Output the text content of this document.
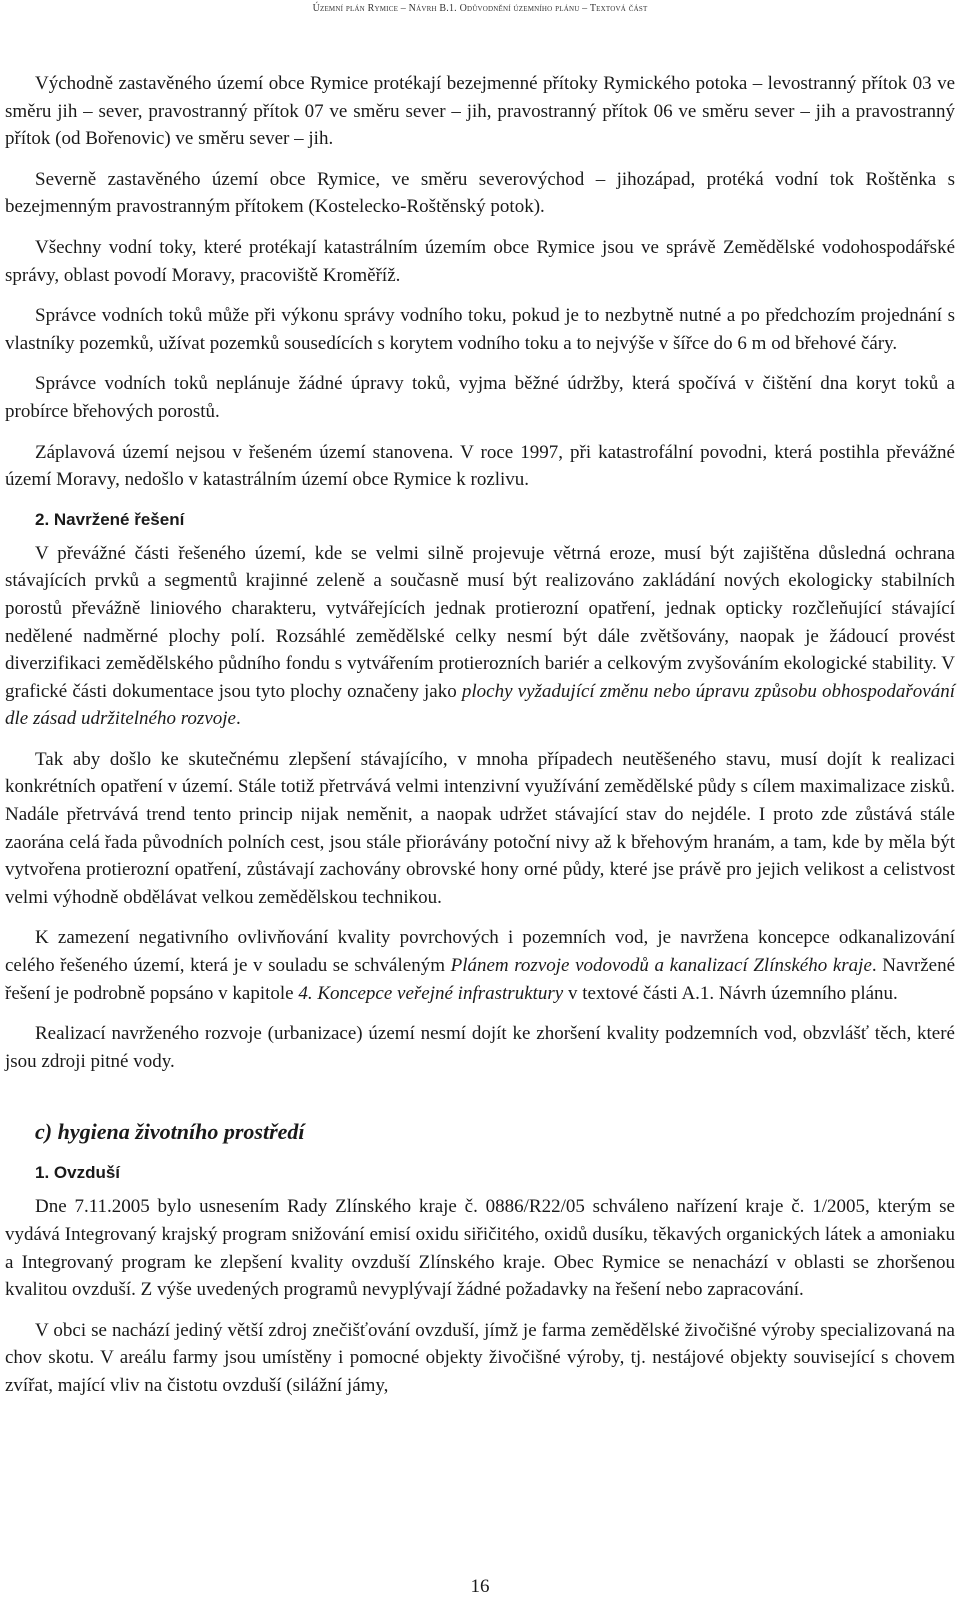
Územní plán Rymice – Návrh B.1. Odůvodnění územního plánu – Textová část

Východně zastavěného území obce Rymice protékají bezejmenné přítoky Rymického potoka – levostranný přítok 03 ve směru jih – sever, pravostranný přítok 07 ve směru sever – jih, pravostranný přítok 06 ve směru sever – jih a pravostranný přítok (od Bořenovic) ve směru sever – jih.

Severně zastavěného území obce Rymice, ve směru severovýchod – jihozápad, protéká vodní tok Roštěnka s bezejmenným pravostranným přítokem (Kostelecko-Roštěnský potok).

Všechny vodní toky, které protékají katastrálním územím obce Rymice jsou ve správě Zemědělské vodohospodářské správy, oblast povodí Moravy, pracoviště Kroměříž.

Správce vodních toků může při výkonu správy vodního toku, pokud je to nezbytně nutné a po předchozím projednání s vlastníky pozemků, užívat pozemků sousedících s korytem vodního toku a to nejvýše v šířce do 6 m od břehové čáry.

Správce vodních toků neplánuje žádné úpravy toků, vyjma běžné údržby, která spočívá v čištění dna koryt toků a probírce břehových porostů.

Záplavová území nejsou v řešeném území stanovena. V roce 1997, při katastrofální povodni, která postihla převážné území Moravy, nedošlo v katastrálním území obce Rymice k rozlivu.

2. Navržené řešení

V převážné části řešeného území, kde se velmi silně projevuje větrná eroze, musí být zajištěna důsledná ochrana stávajících prvků a segmentů krajinné zeleně a současně musí být realizováno zakládání nových ekologicky stabilních porostů převážně liniového charakteru, vytvářejících jednak protierozní opatření, jednak opticky rozčleňující stávající nedělené nadměrné plochy polí. Rozsáhlé zemědělské celky nesmí být dále zvětšovány, naopak je žádoucí provést diverzifikaci zemědělského půdního fondu s vytvářením protierozních bariér a celkovým zvyšováním ekologické stability. V grafické části dokumentace jsou tyto plochy označeny jako plochy vyžadující změnu nebo úpravu způsobu obhospodařování dle zásad udržitelného rozvoje.

Tak aby došlo ke skutečnému zlepšení stávajícího, v mnoha případech neutěšeného stavu, musí dojít k realizaci konkrétních opatření v území. Stále totiž přetrvává velmi intenzivní využívání zemědělské půdy s cílem maximalizace zisků. Nadále přetrvává trend tento princip nijak neměnit, a naopak udržet stávající stav do nejdéle. I proto zde zůstává stále zaorána celá řada původních polních cest, jsou stále přiorávány potoční nivy až k břehovým hranám, a tam, kde by měla být vytvořena protierozní opatření, zůstávají zachovány obrovské hony orné půdy, které jse právě pro jejich velikost a celistvost velmi výhodně obdělávat velkou zemědělskou technikou.

K zamezení negativního ovlivňování kvality povrchových i pozemních vod, je navržena koncepce odkanalizování celého řešeného území, která je v souladu se schváleným Plánem rozvoje vodovodů a kanalizací Zlínského kraje. Navržené řešení je podrobně popsáno v kapitole 4. Koncepce veřejné infrastruktury v textové části A.1. Návrh územního plánu.

Realizací navrženého rozvoje (urbanizace) území nesmí dojít ke zhoršení kvality podzemních vod, obzvlášť těch, které jsou zdroji pitné vody.

c) hygiena životního prostředí
1. Ovzduší

Dne 7.11.2005 bylo usnesením Rady Zlínského kraje č. 0886/R22/05 schváleno nařízení kraje č. 1/2005, kterým se vydává Integrovaný krajský program snižování emisí oxidu siřičitého, oxidů dusíku, těkavých organických látek a amoniaku a Integrovaný program ke zlepšení kvality ovzduší Zlínského kraje. Obec Rymice se nenachází v oblasti se zhoršenou kvalitou ovzduší. Z výše uvedených programů nevyplývají žádné požadavky na řešení nebo zapracování.

V obci se nachází jediný větší zdroj znečišťování ovzduší, jímž je farma zemědělské živočišné výroby specializovaná na chov skotu. V areálu farmy jsou umístěny i pomocné objekty živočišné výroby, tj. nestájové objekty související s chovem zvířat, mající vliv na čistotu ovzduší (silážní jámy,

16
